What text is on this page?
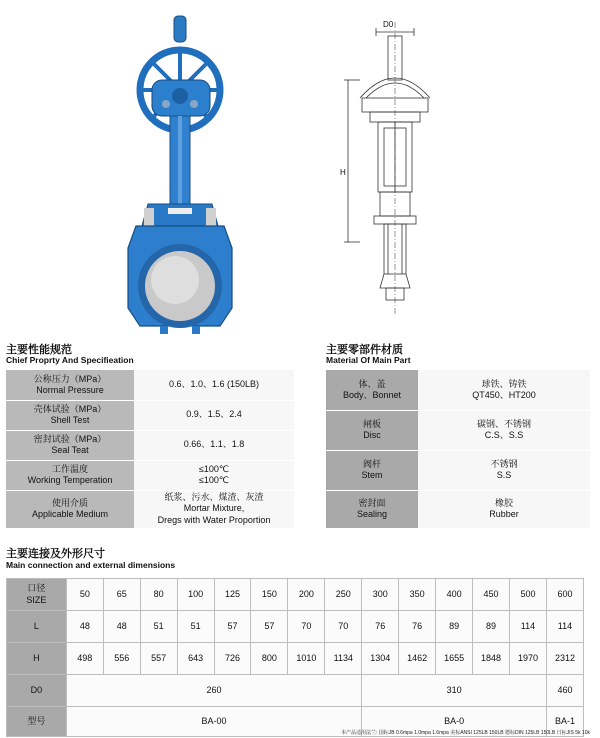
D0
H
主要性能规范
Chief Proprty And Specifieation
公称压力（MPa）
Normal Pressure	0.6、1.0、1.6 (150LB)

壳体试验（MPa）
Shell Test	0.9、1.5、2.4

密封试验（MPa）
Seal Teat	0.66、1.1、1.8

工作温度
Working Temperation	≤100℃
≤100℃

使用介质
Applicable Medium	纸浆、污水、煤渣、灰渣
Mortar Mixture,
Dregs with Water Proportion
主要零部件材质
Material Of Main Part
体、盖
Body、Bonnet	球铁、铸铁
QT450、HT200

闸板
Disc	碳钢、不锈钢
C.S、S.S

阀杆
Stem	不锈钢
S.S

密封面
Sealing	橡胶
Rubber
主要连接及外形尺寸
Main connection and external dimensions
口径
SIZE	50	65	80	100	125	150	200	250	300	350	400	450	500	600
L	48	48	51	51	57	57	70	70	76	76	89	89	114	114
H	498	556	557	643	726	800	1010	1134	1304	1462	1655	1848	1970	2312
D0	260								310					460
型号	BA-00								BA-0					BA-1
本产品适用法兰: 国标JB 0.6mpa 1.0mpa 1.6mpa 美标ANSI 125LB 150LB 德标DIN 125LB 150LB 日标JIS 5k 10k
